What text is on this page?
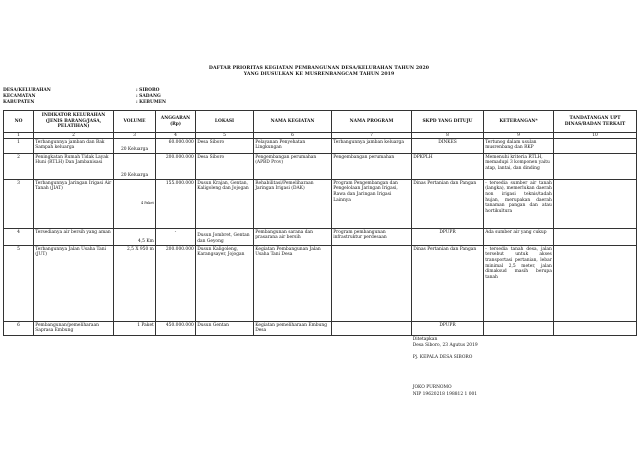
DAFTAR PRIORITAS KEGIATAN PEMBANGUNAN DESA/KELURAHAN TAHUN 2020
YANG DIUSULKAN KE MUSRENBANGCAM TAHUN 2019
DESA/KELURAHAN	: SIBORO
KECAMATAN	: SADANG
KABUPATEN	: KEBUMEN
NO	INDIKATOR KELURAHAN (JENIS BARANG/JASA, PELATIHAN)	VOLUME	ANGGARAN (Rp)	LOKASI	NAMA KEGIATAN	NAMA PROGRAM	SKPD YANG DITUJU	KETERANGAN*	TANDATANGAN UPT DINAS/BADAN TERKAIT
1	2	3	4	5	6	7	8	9	10
1	Terbangunnya jamban dan Bak Sampah keluarga	20 Keluarga	60.000.000	Desa Siboro	Pelayanan Penyehatan Lingkungan	Terbangunnya jamban keluarga	DINKES	Tertunog dalam usulan musrenbang dan RKP	
2	Peningkatan Rumah Tidak Layak Huni (RTLH) Dan Jambanisasi	20 Keluarga	200.000.000	Desa Siboro	Pengembangan perumahan (APBD Prov)	Pengembangan perumahan	DPKPLH	Memenuhi kriteria RTLH, memadupi 3 komponen yaitu atap, lantai, dan dinding	
3	Terbangunnya Jaringan Irigasi Air Tanah (JIAT)	4 Paket	155.000.000	Dusun Krajan, Gentan, Kaligoleng dan Jojogan	Rehabilitasi/Pemeliharaan Jaringan Irigasi (DAK)	Program Pengembangan dan Pengelolaan Jaringan Irigasi, Rawa dan Jaringan Irigasi Lainnya	Dinas Pertanian dan Pangan	- tersedia sumber air tanah (langka), memerlukan daerah non irigasi teknis/tadah hujan, merupakan daerah tanaman pangan dan atau hortikultura	
4	Tersedianya air bersih yang aman	4,5 Km	-	Dusun Jombret, Gentan dan Geyong	Pembangunan sarana dan prasarana air bersih	Program pembangunan infrastruktur perdesaan	DPUPR	Ada sumber air yang cukup	
5	Terbangunnya Jalan Usaha Tani (JUT)	2,5 X 950 m	200.000.000	Dusun Kaligoleng, Karangsayer, Jojogan	Kegiatan Pembangunan Jalan Usaha Tani Desa		Dinas Pertanian dan Pangan	- tersedia tanah desa, jalan tersebut untuk akses transportasi pertanian, lebar minimal 2,5 meter, jalan dimaksud masih berupa tanah	
6	Pembangunan/pemeliharaan Saprasa Embung	1 Paket	450.000.000	Dusun Gentan	Kegiatan pemeliharaan Embung Desa		DPUPR		

							Ditetapkan
Desa Siboro, 23 Agutus 2019
Pj. KEPALA DESA SIBORO
JOKO PURNOMO
NIP 19620218 198812 1 001		
